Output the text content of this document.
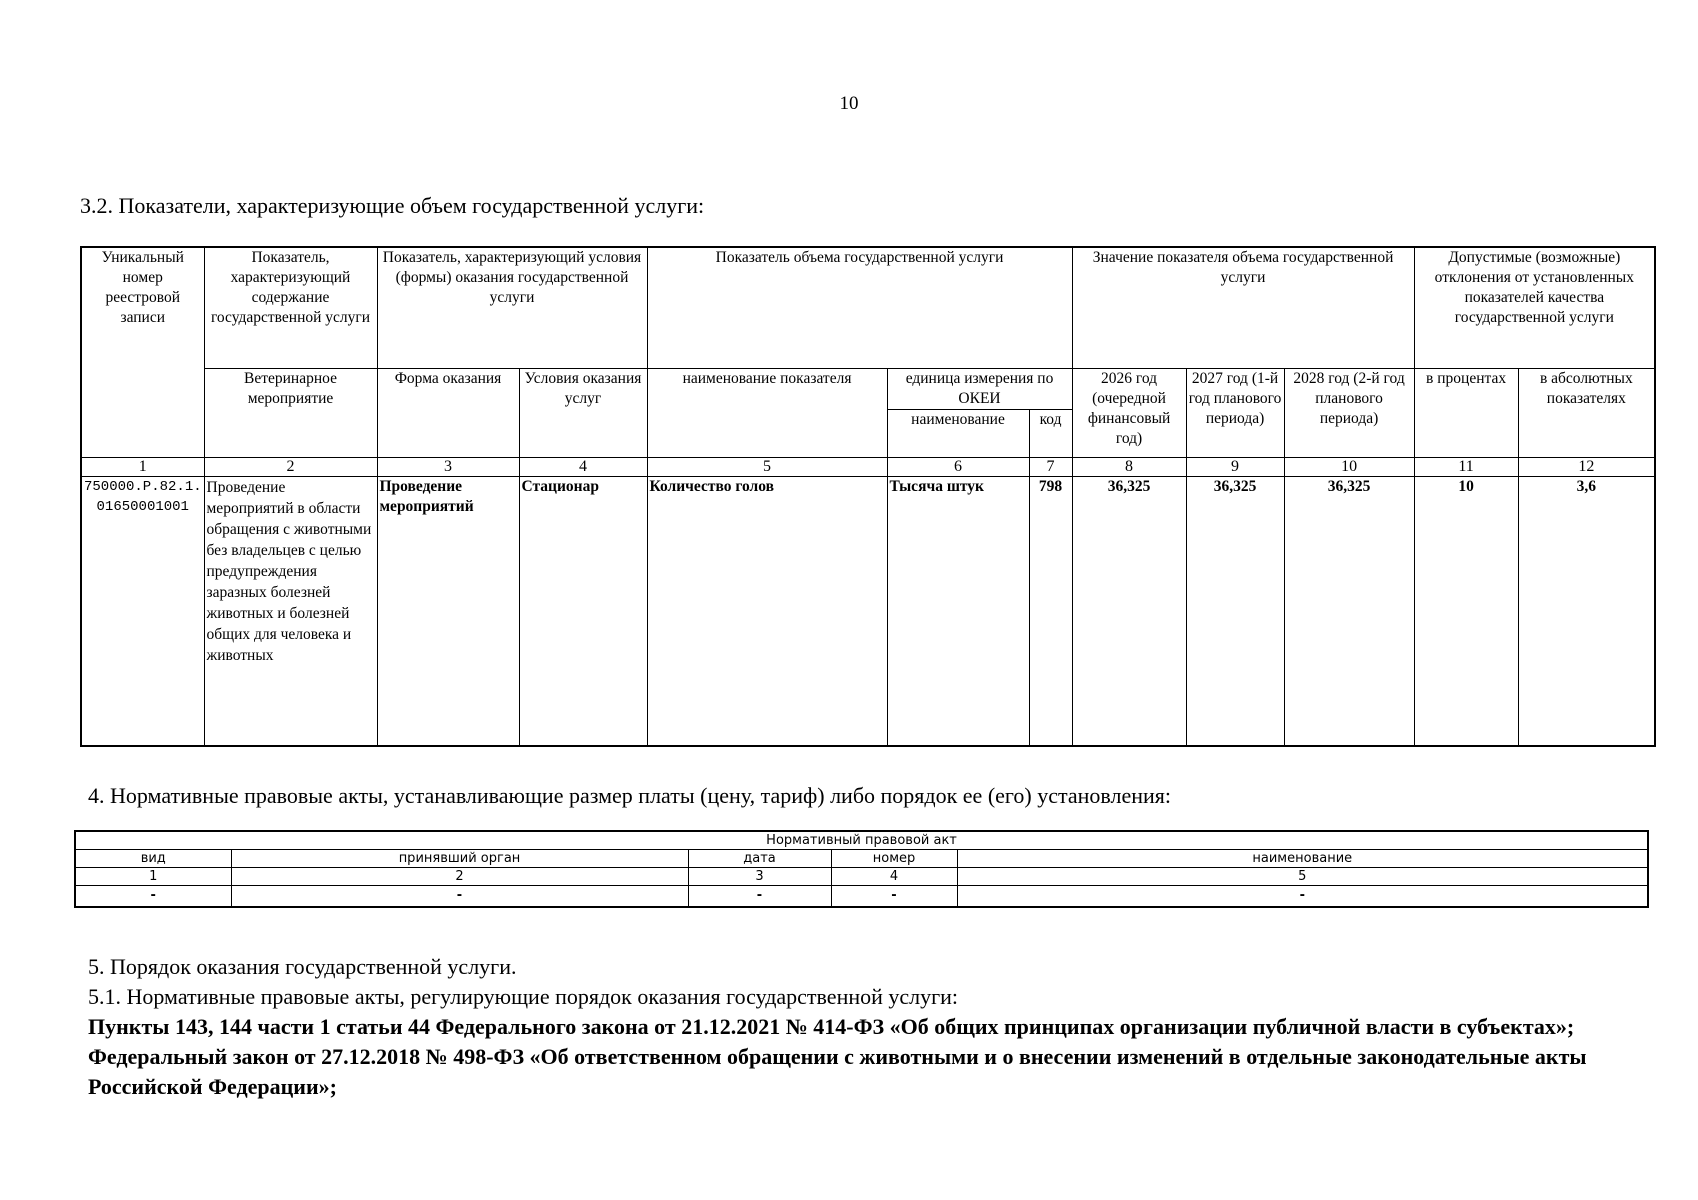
10
3.2. Показатели, характеризующие объем государственной услуги:
Уникальный номер реестровой записи	Показатель, характеризующий содержание государственной услуги	Показатель, характеризующий условия (формы) оказания государственной услуги		Показатель объема государственной услуги			Значение показателя объема государственной услуги			Допустимые (возможные) отклонения от установленных показателей качества государственной услуги	
	Ветеринарное мероприятие	Форма оказания	Условия оказания услуг	наименование показателя	единица измерения по ОКЕИ		2026 год (очередной финансовый год)	2027 год (1-й год планового периода)	2028 год (2-й год планового периода)	в процентах	в абсолютных показателях
					наименование	код					
1	2	3	4	5	6	7	8	9	10	11	12
750000.Р.82.1. 01650001001	Проведение мероприятий в области обращения с животными без владельцев с целью предупреждения заразных болезней животных и болезней общих для человека и животных	Проведение мероприятий	Стационар	Количество голов	Тысяча штук	798	36,325	36,325	36,325	10	3,6
4. Нормативные правовые акты, устанавливающие размер платы (цену, тариф) либо порядок ее (его) установления:
Нормативный правовой акт				
вид	принявший орган	дата	номер	наименование
1	2	3	4	5
-	-	-	-	-
5. Порядок оказания государственной услуги.
5.1. Нормативные правовые акты, регулирующие порядок оказания государственной услуги:
Пункты 143, 144 части 1 статьи 44 Федерального закона от 21.12.2021 № 414-ФЗ «Об общих принципах организации публичной власти в субъектах»;
Федеральный закон от 27.12.2018 № 498-ФЗ «Об ответственном обращении с животными и о внесении изменений в отдельные законодательные акты Российской Федерации»;
